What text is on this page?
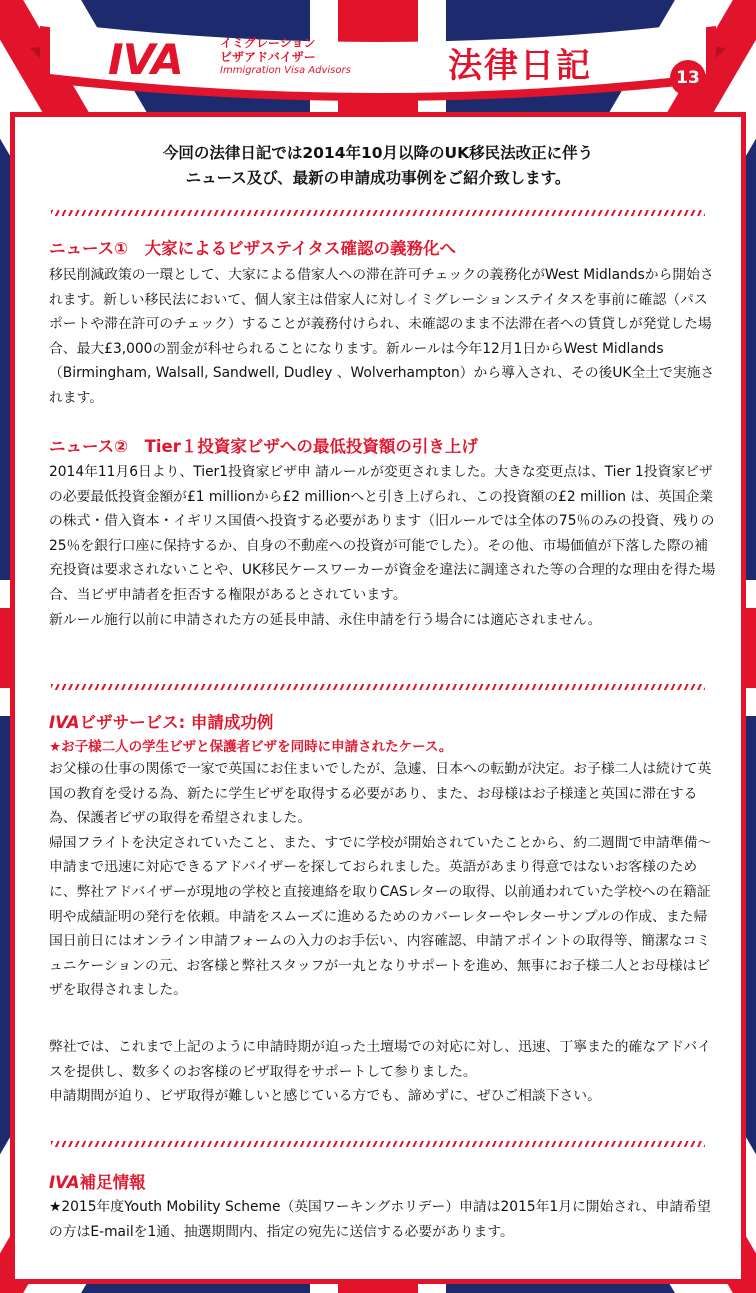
IVA	イミグレーション
ビザアドバイザー
Immigration Visa Advisors	法律日記	13
今回の法律日記では2014年10月以降のUK移民法改正に伴う
ニュース及び、最新の申請成功事例をご紹介致します。
ニュース①　大家によるビザステイタス確認の義務化へ

移民削減政策の一環として、大家による借家人への滞在許可チェックの義務化がWest Midlandsから開始されます。新しい移民法において、個人家主は借家人に対しイミグレーションステイタスを事前に確認（パスポートや滞在許可のチェック）することが義務付けられ、未確認のまま不法滞在者への賃貸しが発覚した場合、最大£3,000の罰金が科せられることになります。新ルールは今年12月1日からWest Midlands（Birmingham, Walsall, Sandwell, Dudley 、Wolverhampton）から導入され、その後UK全土で実施されます。

ニュース②　Tier１投資家ビザへの最低投資額の引き上げ

2014年11月6日より、Tier1投資家ビザ申 請ルールが変更されました。大きな変更点は、Tier 1投資家ビザの必要最低投資金額が£1 millionから£2 millionへと引き上げられ、この投資額の£2 million は、英国企業の株式・借入資本・イギリス国債へ投資する必要があります（旧ルールでは全体の75％のみの投資、残りの25％を銀行口座に保持するか、自身の不動産への投資が可能でした）。その他、市場価値が下落した際の補充投資は要求されないことや、UK移民ケースワーカーが資金を違法に調達された等の合理的な理由を得た場合、当ビザ申請者を拒否する権限があるとされています。

新ルール施行以前に申請された方の延長申請、永住申請を行う場合には適応されません。

IVAビザサービス: 申請成功例
★お子様二人の学生ビザと保護者ビザを同時に申請されたケース。

お父様の仕事の関係で一家で英国にお住まいでしたが、急遽、日本への転勤が決定。お子様二人は続けて英国の教育を受ける為、新たに学生ビザを取得する必要があり、また、お母様はお子様達と英国に滞在する為、保護者ビザの取得を希望されました。

帰国フライトを決定されていたこと、また、すでに学校が開始されていたことから、約二週間で申請準備～申請まで迅速に対応できるアドバイザーを探しておられました。英語があまり得意ではないお客様のために、弊社アドバイザーが現地の学校と直接連絡を取りCASレターの取得、以前通われていた学校への在籍証明や成績証明の発行を依頼。申請をスムーズに進めるためのカバーレターやレターサンプルの作成、また帰国日前日にはオンライン申請フォームの入力のお手伝い、内容確認、申請アポイントの取得等、簡潔なコミュニケーションの元、お客様と弊社スタッフが一丸となりサポートを進め、無事にお子様二人とお母様はビザを取得されました。

弊社では、これまで上記のように申請時期が迫った土壇場での対応に対し、迅速、丁寧また的確なアドバイスを提供し、数多くのお客様のビザ取得をサポートして参りました。

申請期間が迫り、ビザ取得が難しいと感じている方でも、諦めずに、ぜひご相談下さい。

IVA補足情報

★2015年度Youth Mobility Scheme（英国ワーキングホリデー）申請は2015年1月に開始され、申請希望の方はE-mailを1通、抽選期間内、指定の宛先に送信する必要があります。
